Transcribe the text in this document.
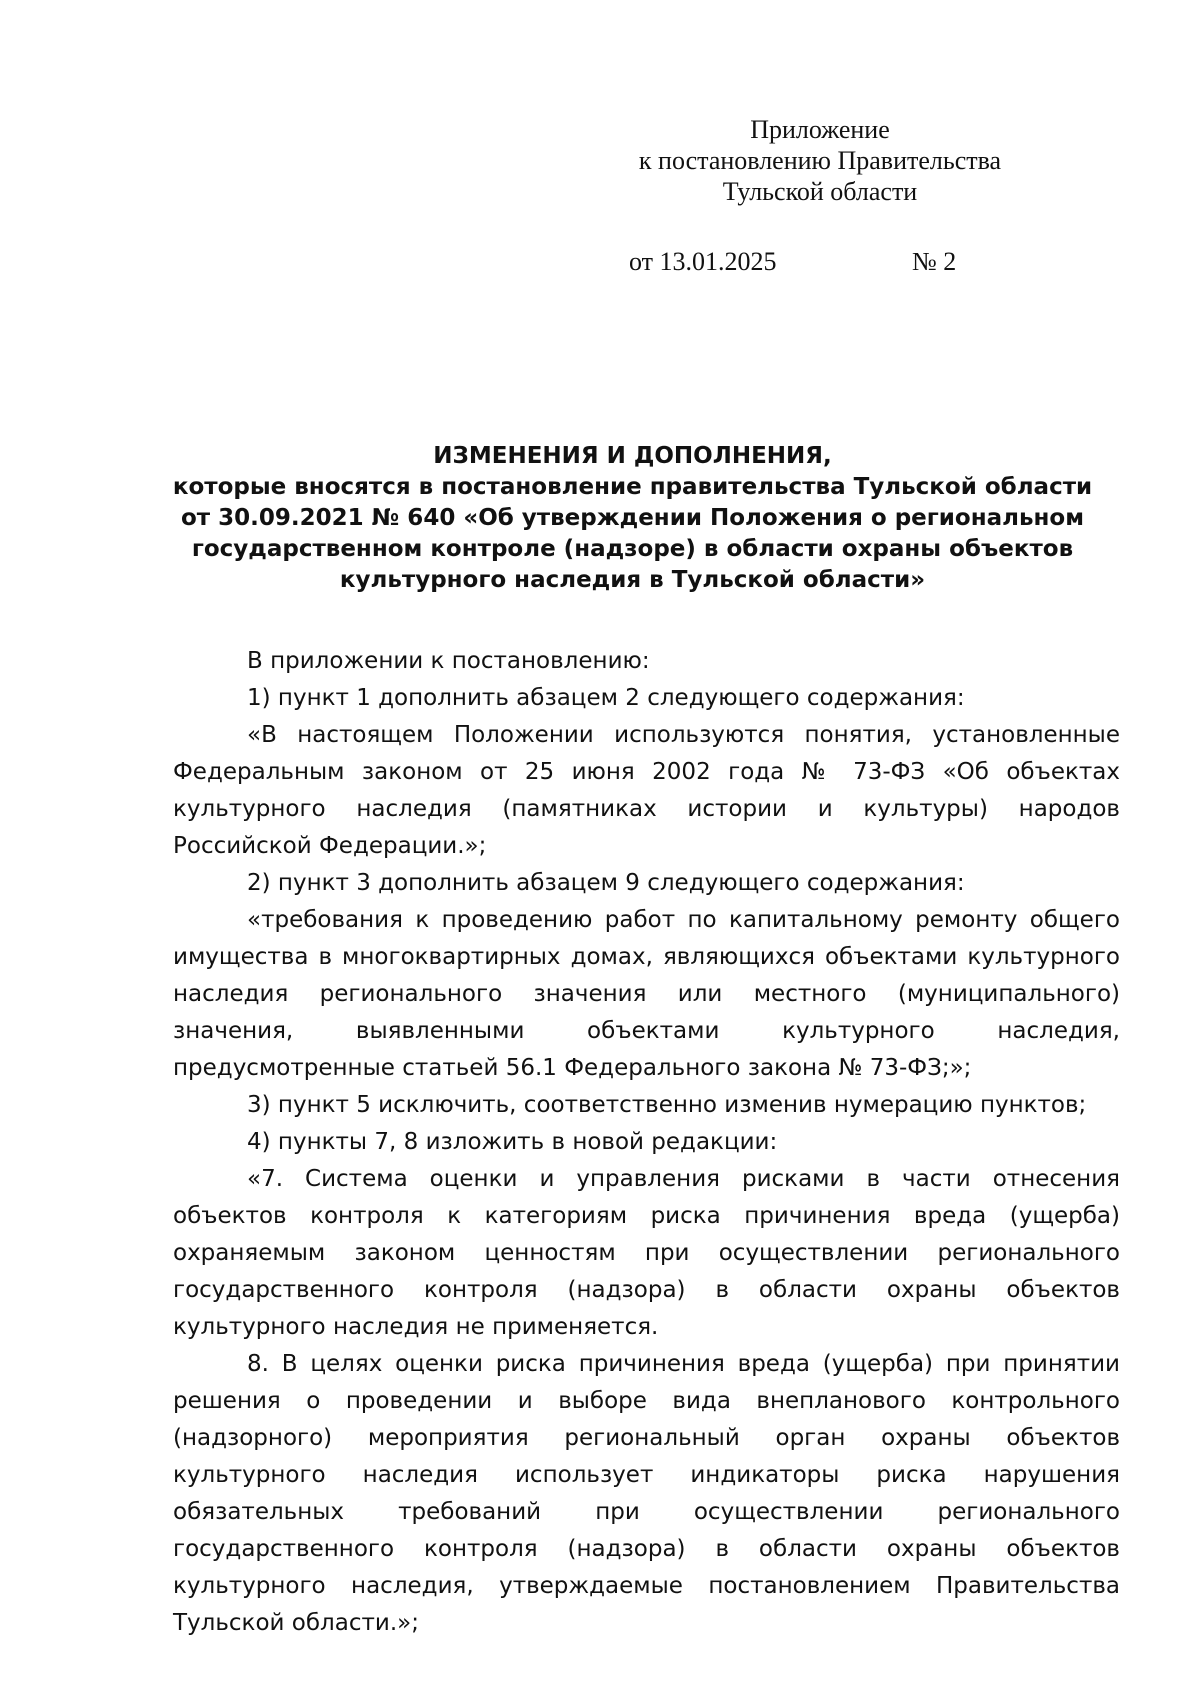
Приложение
к постановлению Правительства
Тульской области
от 13.01.2025	№ 2
ИЗМЕНЕНИЯ И ДОПОЛНЕНИЯ,
которые вносятся в постановление правительства Тульской области
от 30.09.2021 № 640 «Об утверждении Положения о региональном
государственном контроле (надзоре) в области охраны объектов
культурного наследия в Тульской области»

В приложении к постановлению:

1) пункт 1 дополнить абзацем 2 следующего содержания:

«В настоящем Положении используются понятия, установленные Федеральным законом от 25 июня 2002 года № 73-ФЗ «Об объектах культурного наследия (памятниках истории и культуры) народов Российской Федерации.»;

2) пункт 3 дополнить абзацем 9 следующего содержания:

«требования к проведению работ по капитальному ремонту общего имущества в многоквартирных домах, являющихся объектами культурного наследия регионального значения или местного (муниципального) значения, выявленными объектами культурного наследия, предусмотренные статьей 56.1 Федерального закона № 73-ФЗ;»;

3) пункт 5 исключить, соответственно изменив нумерацию пунктов;

4) пункты 7, 8 изложить в новой редакции:

«7. Система оценки и управления рисками в части отнесения объектов контроля к категориям риска причинения вреда (ущерба) охраняемым законом ценностям при осуществлении регионального государственного контроля (надзора) в области охраны объектов культурного наследия не применяется.

8. В целях оценки риска причинения вреда (ущерба) при принятии решения о проведении и выборе вида внепланового контрольного (надзорного) мероприятия региональный орган охраны объектов культурного наследия использует индикаторы риска нарушения обязательных требований при осуществлении регионального государственного контроля (надзора) в области охраны объектов культурного наследия, утверждаемые постановлением Правительства Тульской области.»;
